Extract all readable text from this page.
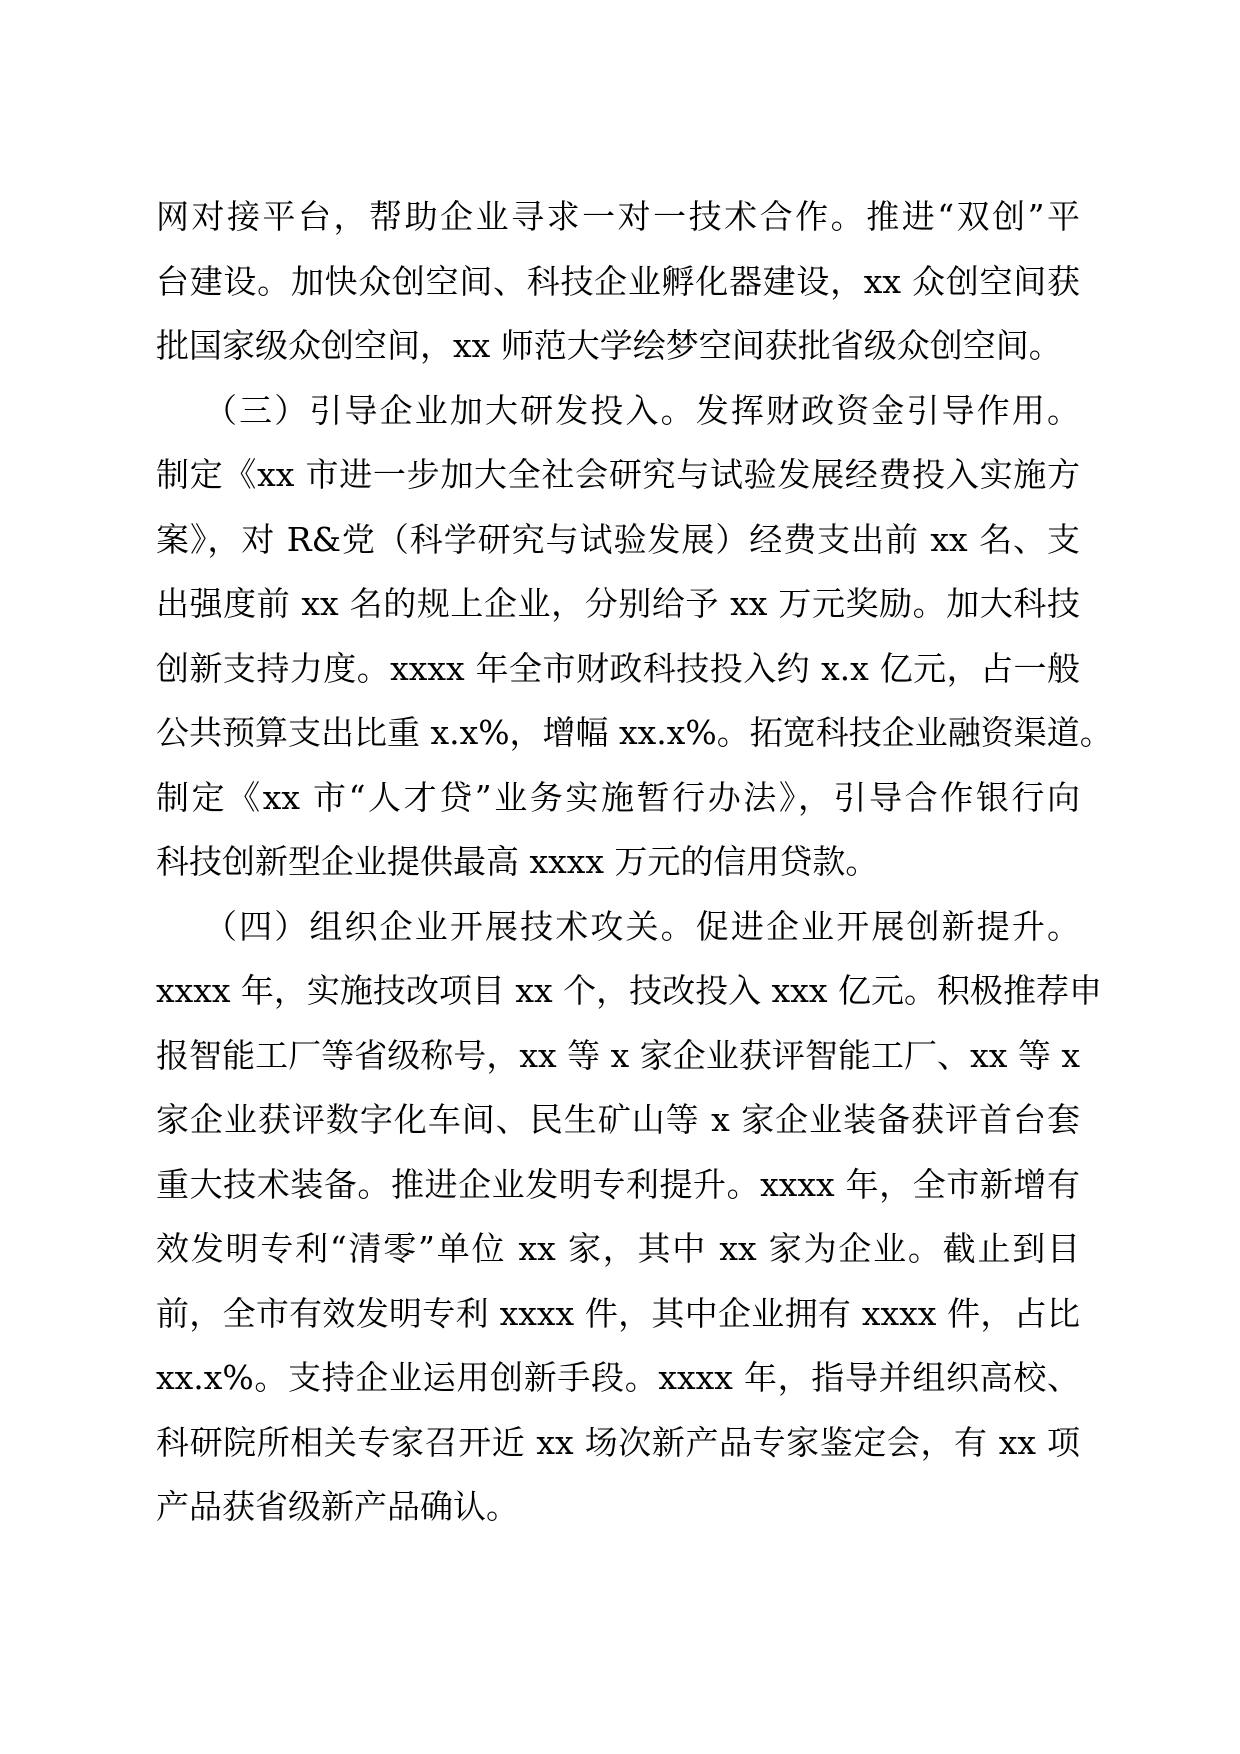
网对接平台，帮助企业寻求一对一技术合作。推进“双创”平
台建设。加快众创空间、科技企业孵化器建设，xx 众创空间获
批国家级众创空间，xx 师范大学绘梦空间获批省级众创空间。
（三）引导企业加大研发投入。发挥财政资金引导作用。
制定《xx 市进一步加大全社会研究与试验发展经费投入实施方
案》，对 R&党（科学研究与试验发展）经费支出前 xx 名、支
出强度前 xx 名的规上企业，分别给予 xx 万元奖励。加大科技
创新支持力度。xxxx 年全市财政科技投入约 x.x 亿元，占一般
公共预算支出比重 x.x%，增幅 xx.x%。拓宽科技企业融资渠道。
制定《xx 市“人才贷”业务实施暂行办法》，引导合作银行向
科技创新型企业提供最高 xxxx 万元的信用贷款。
（四）组织企业开展技术攻关。促进企业开展创新提升。
xxxx 年，实施技改项目 xx 个，技改投入 xxx 亿元。积极推荐申
报智能工厂等省级称号，xx 等 x 家企业获评智能工厂、xx 等 x
家企业获评数字化车间、民生矿山等 x 家企业装备获评首台套
重大技术装备。推进企业发明专利提升。xxxx 年，全市新增有
效发明专利“清零”单位 xx 家，其中 xx 家为企业。截止到目
前，全市有效发明专利 xxxx 件，其中企业拥有 xxxx 件，占比
xx.x%。支持企业运用创新手段。xxxx 年，指导并组织高校、
科研院所相关专家召开近 xx 场次新产品专家鉴定会，有 xx 项
产品获省级新产品确认。
